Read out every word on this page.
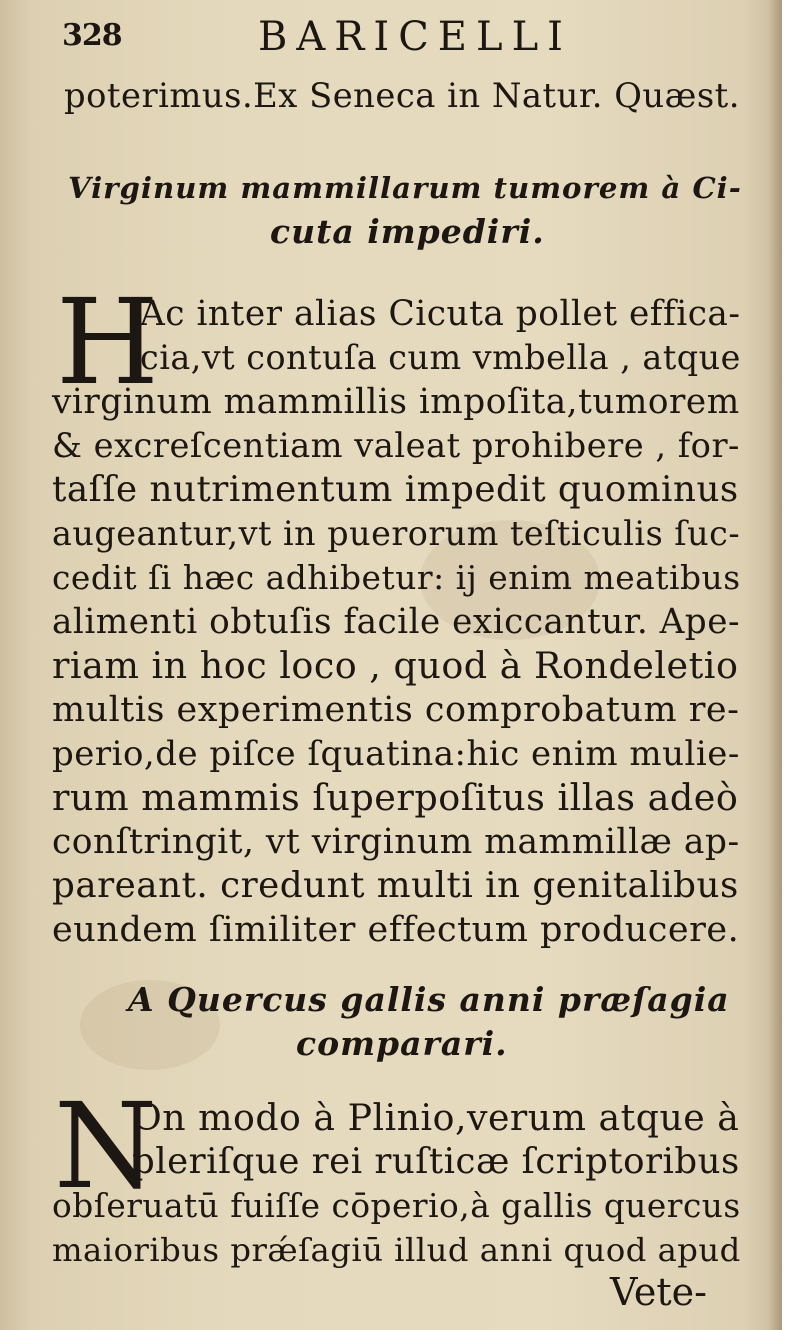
328	BARICELLI
poterimus.Ex Seneca in Natur. Quæst.
Virginum mammillarum tumorem à Ci-
cuta impediri.
H
Ac inter alias Cicuta pollet effica-
cia,vt contuſa cum vmbella , atque
virginum mammillis impoſita,tumorem
& excreſcentiam valeat prohibere , for-
taſſe nutrimentum impedit quominus
augeantur,vt in puerorum teſticulis ſuc-
cedit ſi hæc adhibetur: ij enim meatibus
alimenti obtuſis facile exiccantur. Ape-
riam in hoc loco , quod à Rondeletio
multis experimentis comprobatum re-
perio,de piſce ſquatina:hic enim mulie-
rum mammis ſuperpoſitus illas adeò
conſtringit, vt virginum mammillæ ap-
pareant. credunt multi in genitalibus
eundem ſimiliter effectum producere.
A Quercus gallis anni præſagia
comparari.
N
On modo à Plinio,verum atque à
pleriſque rei ruſticæ ſcriptoribus
obſeruatū fuiſſe cōperio,à gallis quercus
maioribus prǽſagiū illud anni quod apud
Vete-
